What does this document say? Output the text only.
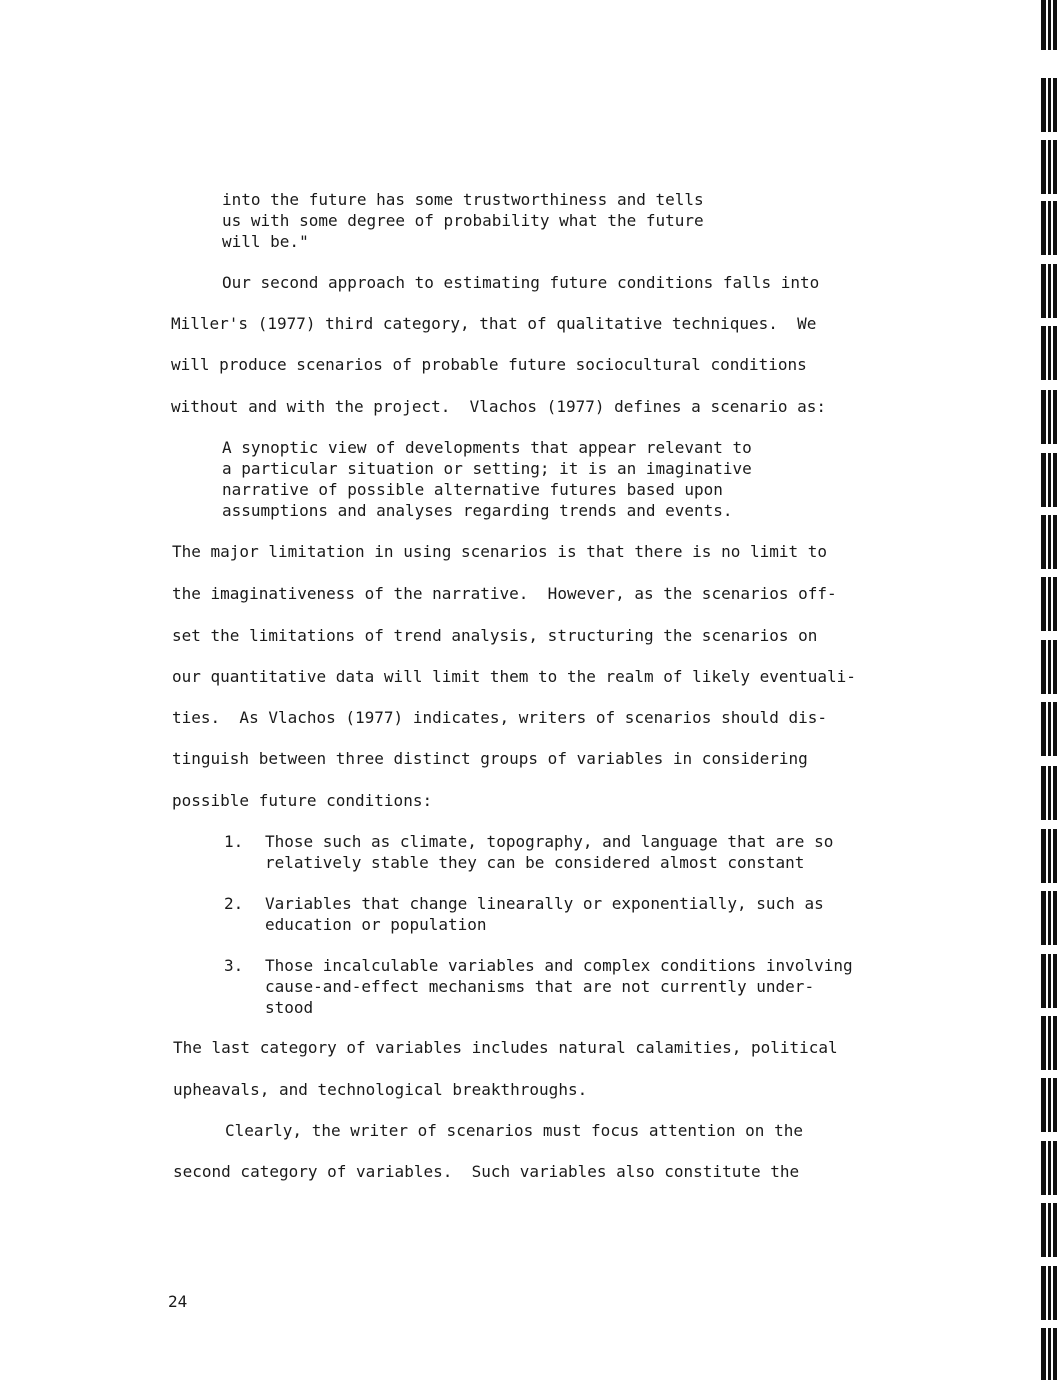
into the future has some trustworthiness and tells
us with some degree of probability what the future
will be."
Our second approach to estimating future conditions falls into
Miller's (1977) third category, that of qualitative techniques.  We
will produce scenarios of probable future sociocultural conditions
without and with the project.  Vlachos (1977) defines a scenario as:
A synoptic view of developments that appear relevant to
a particular situation or setting; it is an imaginative
narrative of possible alternative futures based upon
assumptions and analyses regarding trends and events.
The major limitation in using scenarios is that there is no limit to
the imaginativeness of the narrative.  However, as the scenarios off-
set the limitations of trend analysis, structuring the scenarios on
our quantitative data will limit them to the realm of likely eventuali-
ties.  As Vlachos (1977) indicates, writers of scenarios should dis-
tinguish between three distinct groups of variables in considering
possible future conditions:
1. Those such as climate, topography, and language that are so
relatively stable they can be considered almost constant
2. Variables that change linearally or exponentially, such as
education or population
3. Those incalculable variables and complex conditions involving
cause-and-effect mechanisms that are not currently under-
stood
The last category of variables includes natural calamities, political
upheavals, and technological breakthroughs.
Clearly, the writer of scenarios must focus attention on the
second category of variables.  Such variables also constitute the
24
